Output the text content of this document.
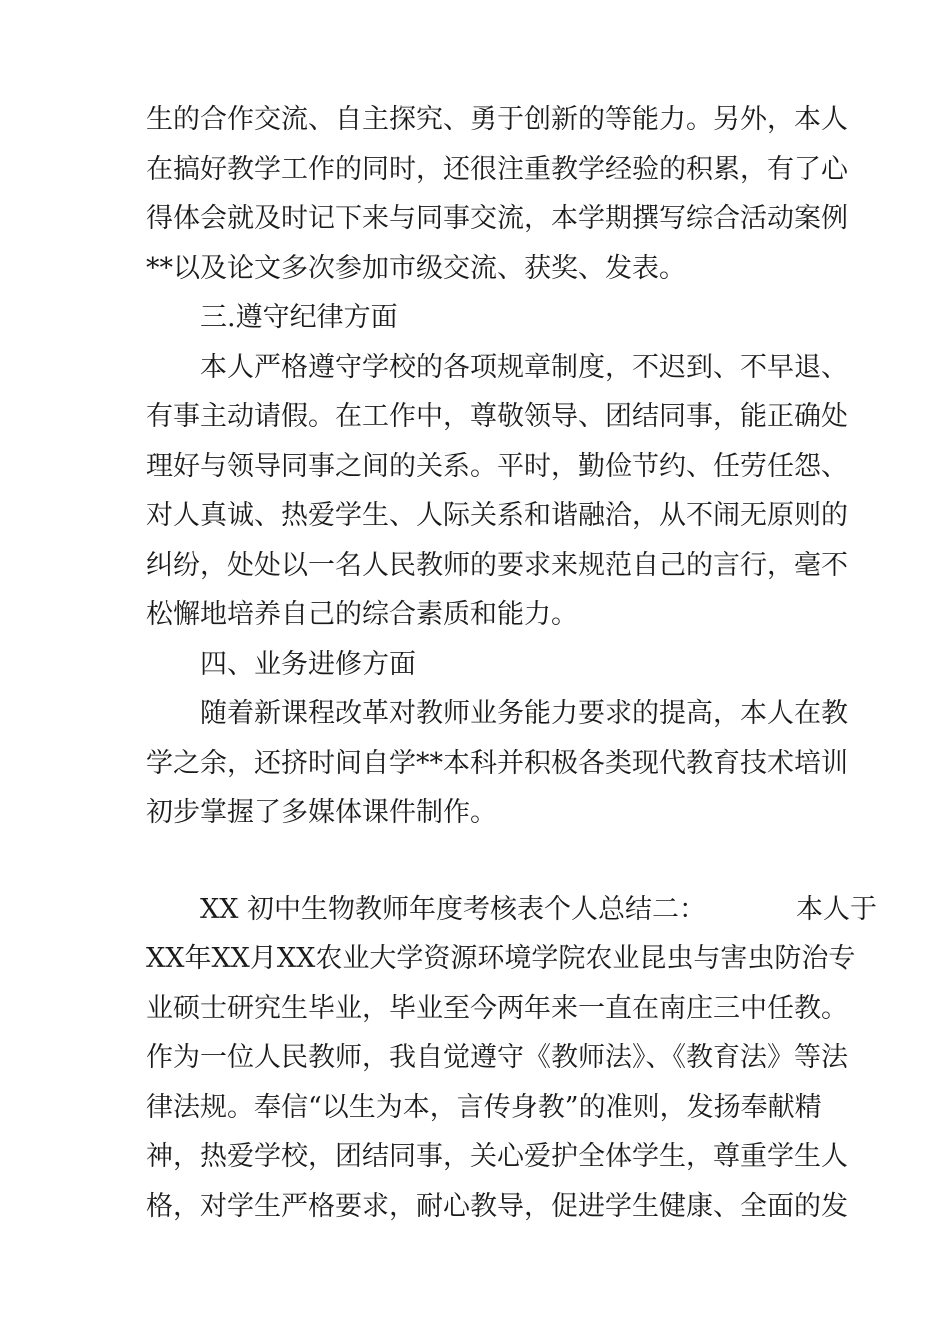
生的合作交流、自主探究、勇于创新的等能力。另外，本人
在搞好教学工作的同时，还很注重教学经验的积累，有了心
得体会就及时记下来与同事交流，本学期撰写综合活动案例
**以及论文多次参加市级交流、获奖、发表。
三.遵守纪律方面
本人严格遵守学校的各项规章制度，不迟到、不早退、
有事主动请假。在工作中，尊敬领导、团结同事，能正确处
理好与领导同事之间的关系。平时，勤俭节约、任劳任怨、
对人真诚、热爱学生、人际关系和谐融洽，从不闹无原则的
纠纷，处处以一名人民教师的要求来规范自己的言行，毫不
松懈地培养自己的综合素质和能力。
四、业务进修方面
随着新课程改革对教师业务能力要求的提高，本人在教
学之余，还挤时间自学**本科并积极各类现代教育技术培训
初步掌握了多媒体课件制作。
XX 初中生物教师年度考核表个人总结二：	本人于
XX年XX月XX农业大学资源环境学院农业昆虫与害虫防治专
业硕士研究生毕业，毕业至今两年来一直在南庄三中任教。
作为一位人民教师，我自觉遵守《教师法》、《教育法》等法
律法规。奉信“以生为本，言传身教”的准则，发扬奉献精
神，热爱学校，团结同事，关心爱护全体学生，尊重学生人
格，对学生严格要求，耐心教导，促进学生健康、全面的发
